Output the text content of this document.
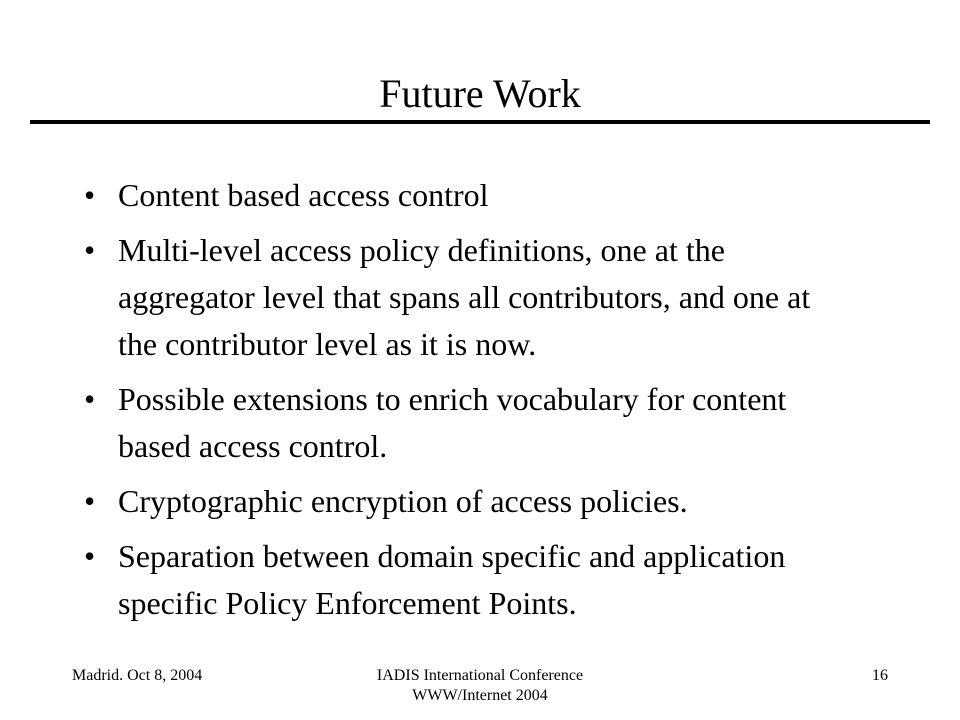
Future Work
• Content based access control
• Multi-level access policy definitions, one at the aggregator level that spans all contributors, and one at the contributor level as it is now.
• Possible extensions to enrich vocabulary for content based access control.
• Cryptographic encryption of access policies.
• Separation between domain specific and application specific Policy Enforcement Points.
Madrid. Oct 8, 2004	IADIS International Conference
WWW/Internet 2004
16
